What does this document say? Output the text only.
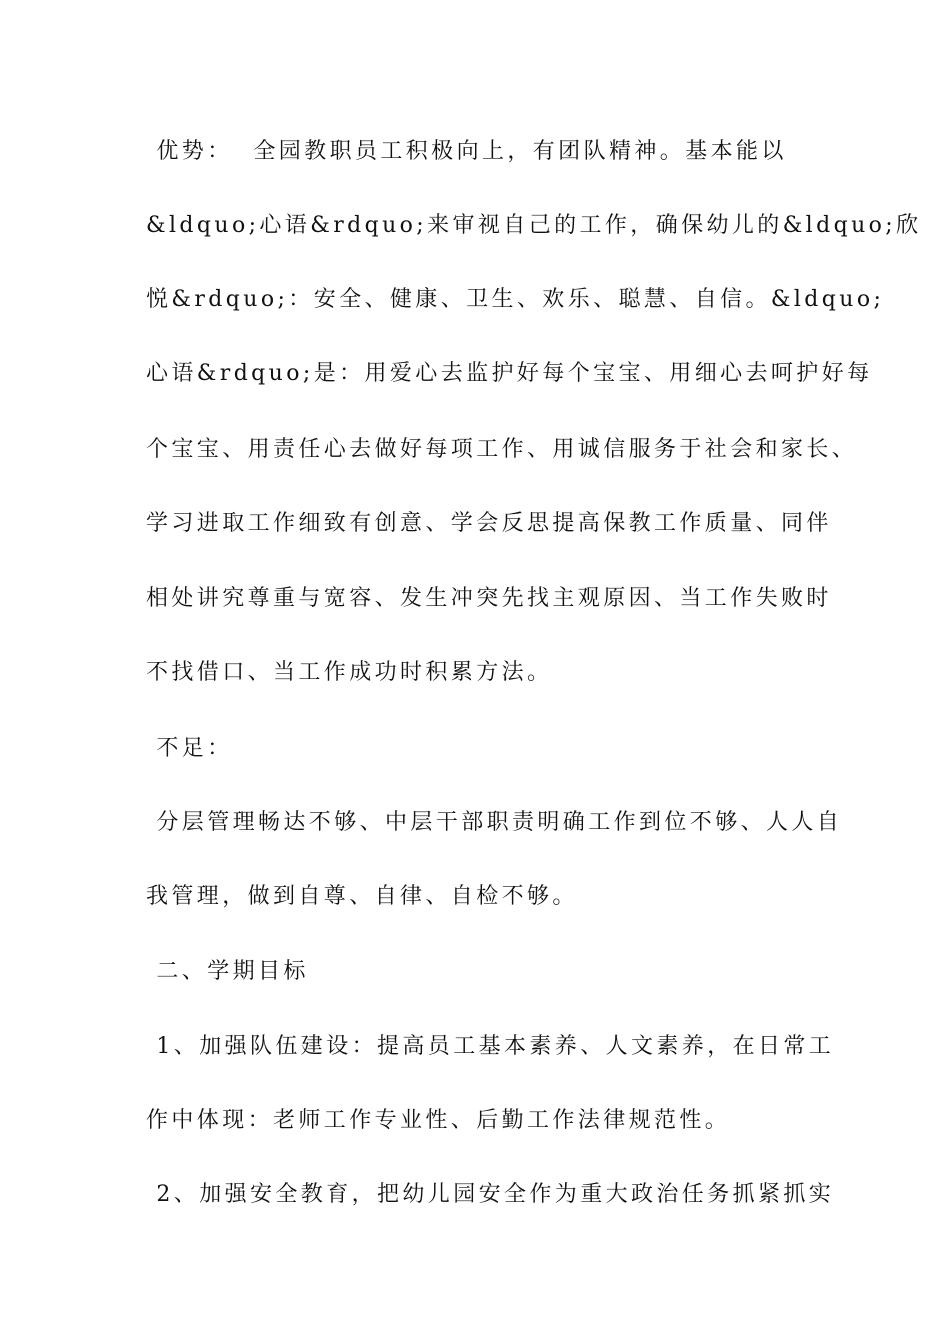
优势：  全园教职员工积极向上，有团队精神。基本能以
&ldquo;心语&rdquo;来审视自己的工作，确保幼儿的&ldquo;欣
悦&rdquo;：安全、健康、卫生、欢乐、聪慧、自信。&ldquo;
心语&rdquo;是：用爱心去监护好每个宝宝、用细心去呵护好每
个宝宝、用责任心去做好每项工作、用诚信服务于社会和家长、
学习进取工作细致有创意、学会反思提高保教工作质量、同伴
相处讲究尊重与宽容、发生冲突先找主观原因、当工作失败时
不找借口、当工作成功时积累方法。
不足：
分层管理畅达不够、中层干部职责明确工作到位不够、人人自
我管理，做到自尊、自律、自检不够。
二、学期目标
1、加强队伍建设：提高员工基本素养、人文素养，在日常工
作中体现：老师工作专业性、后勤工作法律规范性。
2、加强安全教育，把幼儿园安全作为重大政治任务抓紧抓实
